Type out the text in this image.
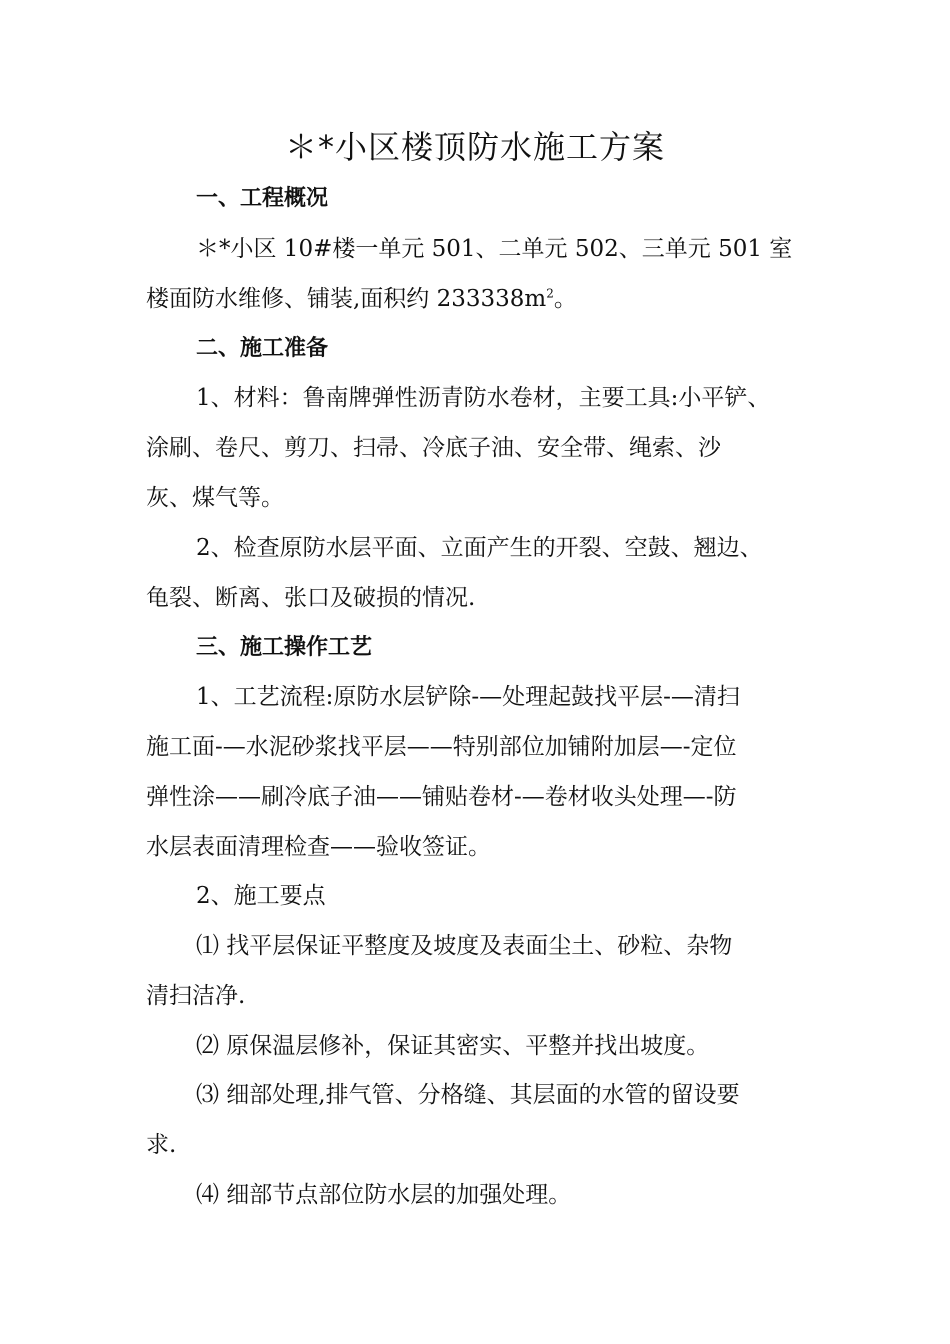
＊*小区楼顶防水施工方案

一、工程概况

＊*小区 10#楼一单元 501、二单元 502、三单元 501 室

楼面防水维修、铺装,面积约 $233338m^2$。

二、施工准备

1、材料：鲁南牌弹性沥青防水卷材，主要工具:小平铲、

涂刷、卷尺、剪刀、扫帚、冷底子油、安全带、绳索、沙

灰、煤气等。

2、检查原防水层平面、立面产生的开裂、空鼓、翘边、

龟裂、断离、张口及破损的情况.

三、施工操作工艺

1、工艺流程:原防水层铲除-—处理起鼓找平层-—清扫

施工面-—水泥砂浆找平层——特别部位加铺附加层—-定位

弹性涂——刷冷底子油——铺贴卷材-—卷材收头处理—-防

水层表面清理检查——验收签证。

2、施工要点

⑴ 找平层保证平整度及坡度及表面尘土、砂粒、杂物

清扫洁净.

⑵ 原保温层修补，保证其密实、平整并找出坡度。

⑶ 细部处理,排气管、分格缝、其层面的水管的留设要

求.

⑷ 细部节点部位防水层的加强处理。
